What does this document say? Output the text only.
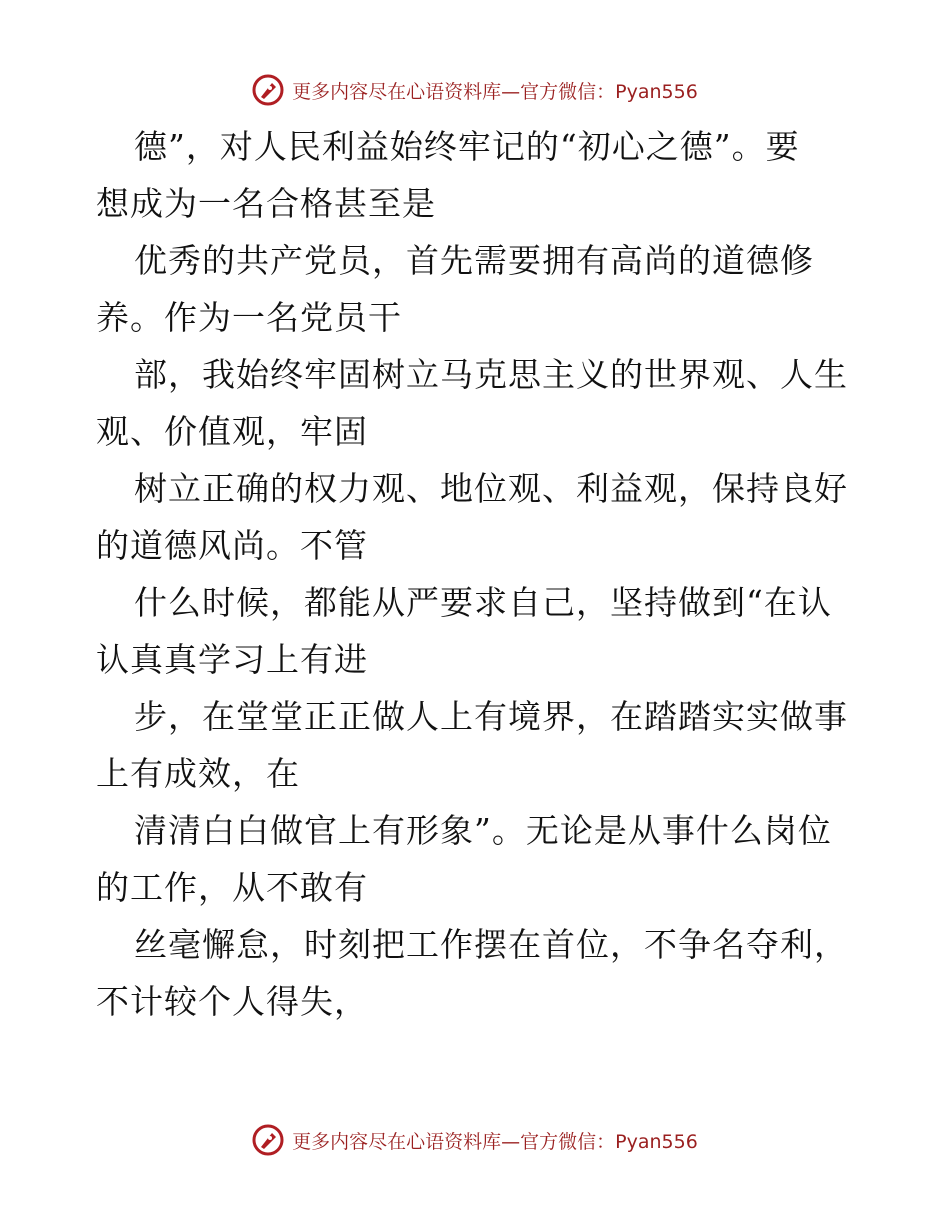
更多内容尽在心语资料库—官方微信：Pyan556
德”，对人民利益始终牢记的“初心之德”。要
想成为一名合格甚至是
优秀的共产党员，首先需要拥有高尚的道德修
养。作为一名党员干
部，我始终牢固树立马克思主义的世界观、人生
观、价值观，牢固
树立正确的权力观、地位观、利益观，保持良好
的道德风尚。不管
什么时候，都能从严要求自己，坚持做到“在认
认真真学习上有进
步，在堂堂正正做人上有境界，在踏踏实实做事
上有成效，在
清清白白做官上有形象”。无论是从事什么岗位
的工作，从不敢有
丝毫懈怠，时刻把工作摆在首位，不争名夺利，
不计较个人得失，
更多内容尽在心语资料库—官方微信：Pyan556
